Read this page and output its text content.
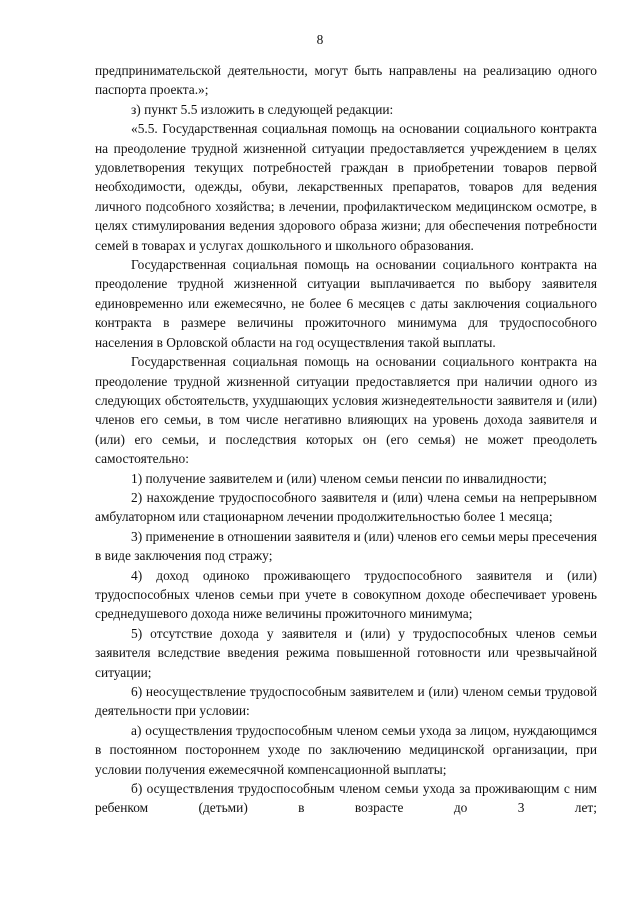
8

предпринимательской деятельности, могут быть направлены на реализацию одного паспорта проекта.»;

з) пункт 5.5 изложить в следующей редакции:

«5.5. Государственная социальная помощь на основании социального контракта на преодоление трудной жизненной ситуации предоставляется учреждением в целях удовлетворения текущих потребностей граждан в приобретении товаров первой необходимости, одежды, обуви, лекарственных препаратов, товаров для ведения личного подсобного хозяйства; в лечении, профилактическом медицинском осмотре, в целях стимулирования ведения здорового образа жизни; для обеспечения потребности семей в товарах и услугах дошкольного и школьного образования.

Государственная социальная помощь на основании социального контракта на преодоление трудной жизненной ситуации выплачивается по выбору заявителя единовременно или ежемесячно, не более 6 месяцев с даты заключения социального контракта в размере величины прожиточного минимума для трудоспособного населения в Орловской области на год осуществления такой выплаты.

Государственная социальная помощь на основании социального контракта на преодоление трудной жизненной ситуации предоставляется при наличии одного из следующих обстоятельств, ухудшающих условия жизнедеятельности заявителя и (или) членов его семьи, в том числе негативно влияющих на уровень дохода заявителя и (или) его семьи, и последствия которых он (его семья) не может преодолеть самостоятельно:

1) получение заявителем и (или) членом семьи пенсии по инвалидности;

2) нахождение трудоспособного заявителя и (или) члена семьи на непрерывном амбулаторном или стационарном лечении продолжительностью более 1 месяца;

3) применение в отношении заявителя и (или) членов его семьи меры пресечения в виде заключения под стражу;

4) доход одиноко проживающего трудоспособного заявителя и (или) трудоспособных членов семьи при учете в совокупном доходе обеспечивает уровень среднедушевого дохода ниже величины прожиточного минимума;

5) отсутствие дохода у заявителя и (или) у трудоспособных членов семьи заявителя вследствие введения режима повышенной готовности или чрезвычайной ситуации;

6) неосуществление трудоспособным заявителем и (или) членом семьи трудовой деятельности при условии:

а) осуществления трудоспособным членом семьи ухода за лицом, нуждающимся в постоянном постороннем уходе по заключению медицинской организации, при условии получения ежемесячной компенсационной выплаты;

б) осуществления трудоспособным членом семьи ухода за проживающим с ним ребенком (детьми) в возрасте до 3 лет;
